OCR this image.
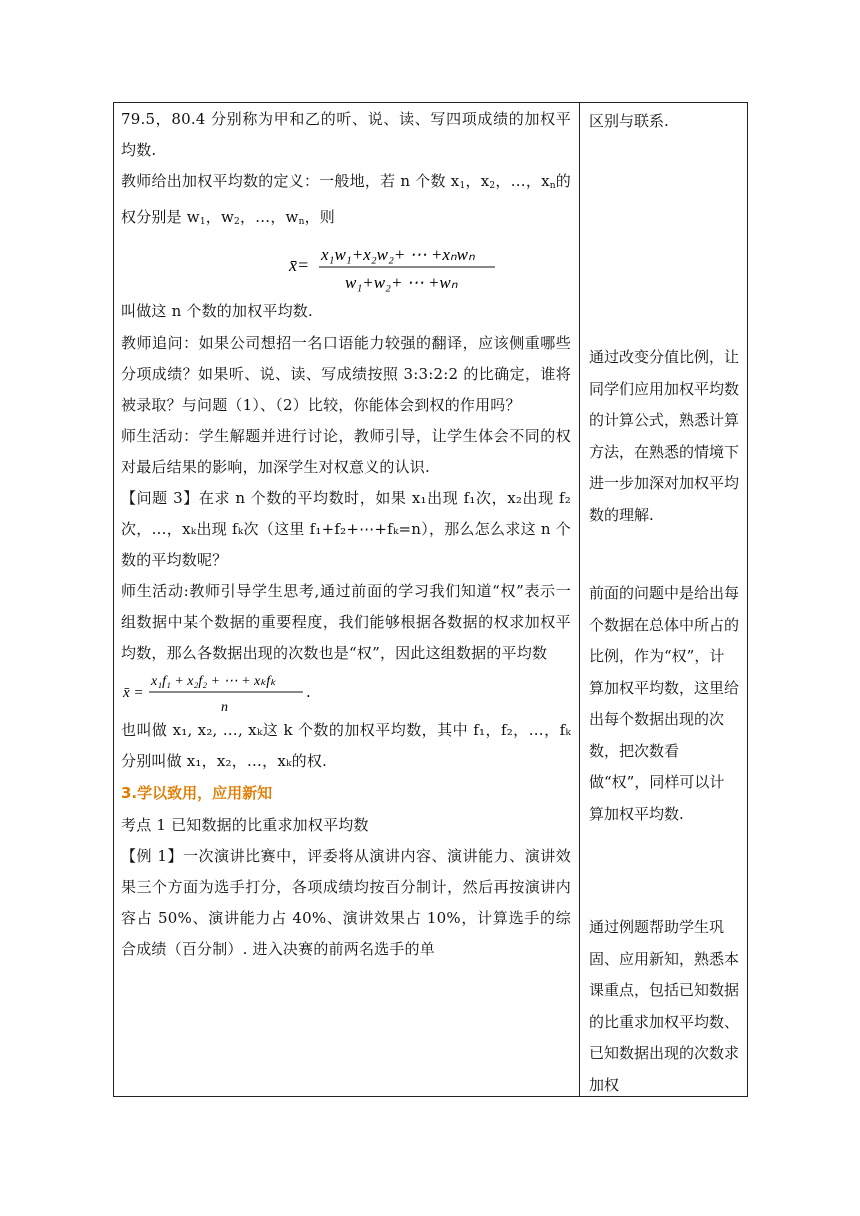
79.5，80.4 分别称为甲和乙的听、说、读、写四项成绩的加权平均数.

教师给出加权平均数的定义：一般地，若 n 个数 $x_1$，$x_2$，…，$x_n$的权分别是 $w_1$，$w_2$，…，$w_n$，则

x̄=
x₁w₁+x₂w₂+ ⋯ +xₙwₙ
w₁+w₂+ ⋯ +wₙ

叫做这 n 个数的加权平均数.

教师追问：如果公司想招一名口语能力较强的翻译，应该侧重哪些分项成绩？如果听、说、读、写成绩按照 3:3:2:2 的比确定，谁将被录取？与问题（1）、（2）比较，你能体会到权的作用吗？

师生活动：学生解题并进行讨论，教师引导，让学生体会不同的权对最后结果的影响，加深学生对权意义的认识.

【问题 3】在求 n 个数的平均数时，如果 x₁出现 f₁次，x₂出现 f₂次，…，xₖ出现 fₖ次（这里 f₁+f₂+⋯+fₖ=n），那么怎么求这 n 个数的平均数呢？

师生活动:教师引导学生思考,通过前面的学习我们知道“权”表示一组数据中某个数据的重要程度，我们能够根据各数据的权求加权平均数，那么各数据出现的次数也是“权”，因此这组数据的平均数

x̄ =
x₁f₁ + x₂f₂ + ⋯ + xₖfₖ
n
.

也叫做 x₁, x₂, …, xₖ这 k 个数的加权平均数，其中 f₁，f₂，…，fₖ分别叫做 x₁，x₂，…，xₖ的权.

3.学以致用，应用新知

考点 1 已知数据的比重求加权平均数

【例 1】一次演讲比赛中，评委将从演讲内容、演讲能力、演讲效果三个方面为选手打分，各项成绩均按百分制计，然后再按演讲内容占 50%、演讲能力占 40%、演讲效果占 10%，计算选手的综合成绩（百分制）. 进入决赛的前两名选手的单

区别与联系.
通过改变分值比例，让同学们应用加权平均数的计算公式，熟悉计算方法，在熟悉的情境下进一步加深对加权平均数的理解.
前面的问题中是给出每个数据在总体中所占的比例，作为“权”，计算加权平均数，这里给出每个数据出现的次数，把次数看做“权”，同样可以计算加权平均数.
通过例题帮助学生巩固、应用新知，熟悉本课重点，包括已知数据的比重求加权平均数、已知数据出现的次数求加权
